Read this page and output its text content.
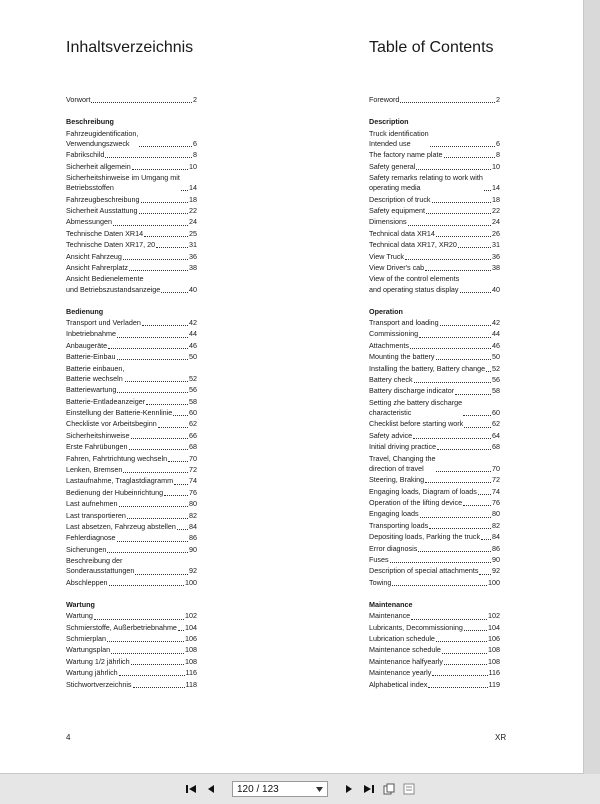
Inhaltsverzeichnis	Table of Contents
Vorwort	2
Beschreibung
Fahrzeugidentification,
Verwendungszweck	6
Fabrikschild	8
Sicherheit allgemein	10
Sicherheitshinweise im Umgang mit
Betriebsstoffen	14
Fahrzeugbeschreibung	18
Sicherheit Ausstattung	22
Abmessungen	24
Technische Daten XR14	25
Technische Daten XR17, 20	31
Ansicht Fahrzeug	36
Ansicht Fahrerplatz	38
Ansicht Bedienelemente
und Betriebszustandsanzeige	40
Bedienung
Transport und Verladen	42
Inbetriebnahme	44
Anbaugeräte	46
Batterie-Einbau	50
Batterie einbauen,
Batterie wechseln	52
Batteriewartung	56
Batterie-Entladeanzeiger	58
Einstellung der Batterie-Kennlinie 60
Checkliste vor Arbeitsbeginn	62
Sicherheitshinweise	66
Erste Fahrübungen	68
Fahren, Fahrtrichtung wechseln	70
Lenken, Bremsen	72
Lastaufnahme, Traglastdiagramm 74
Bedienung der Hubeinrichtung	76
Last aufnehmen	80
Last transportieren	82
Last absetzen, Fahrzeug abstellen 84
Fehlerdiagnose	86
Sicherungen	90
Beschreibung der
Sonderausstattungen	92
Abschleppen	100
Wartung
Wartung	102
Schmierstoffe, Außerbetriebnahme 104
Schmierplan	106
Wartungsplan	108
Wartung 1/2 jährlich	108
Wartung jährlich	116
Stichwortverzeichnis	118
Foreword	2
Description
Truck identification
Intended use	6
The factory name plate	8
Safety general	10
Safety remarks relating to work with
operating media	14
Description of truck	18
Safety equipment	22
Dimensions	24
Technical data XR14	26
Technical data XR17, XR20	31
View Truck	36
View Driver's cab	38
View of the control elements
and operating status display	40
Operation
Transport and loading	42
Commissioning	44
Attachments	46
Mounting the battery	50
Installing the battery, Battery change 52
Battery check	56
Battery discharge indicator	58
Setting zhe battery discharge
characteristic	60
Checklist before starting work	62
Safety advice	64
Initial driving practice	68
Travel, Changing the
direction of travel	70
Steering, Braking	72
Engaging loads, Diagram of loads 74
Operation of the lifting device	76
Engaging loads	80
Transporting loads	82
Depositing loads, Parking the truck 84
Error diagnosis	86
Fuses	90
Description of special attachments 92
Towing	100
Maintenance
Maintenance	102
Lubricants, Decommissioning	104
Lubrication schedule	106
Maintenance schedule	108
Maintenance halfyearly	108
Maintenance yearly	116
Alphabetical index	119
4	XR
120 / 123
